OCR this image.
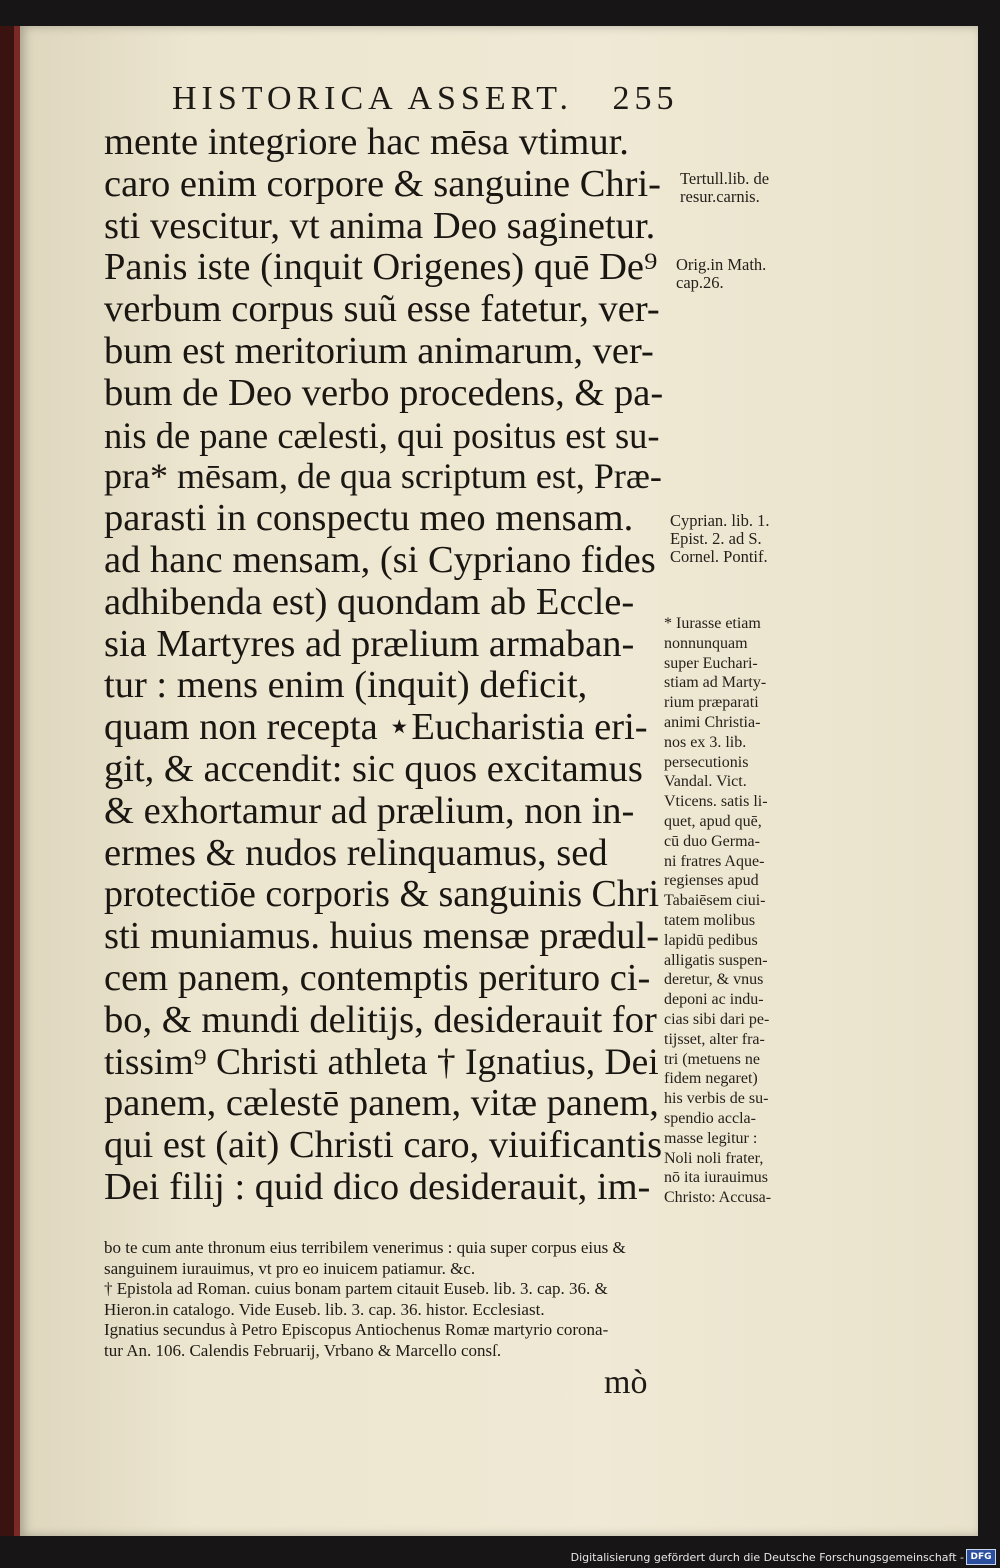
HISTORICA ASSERT. 255
mente integriore hac mēsa vtimur.
caro enim corpore & sanguine Chri-
sti vescitur, vt anima Deo saginetur.
Panis iste (inquit Origenes) quē De⁹
verbum corpus suũ esse fatetur, ver-
bum est meritorium animarum, ver-
bum de Deo verbo procedens, & pa-
nis de pane cælesti, qui positus est su-
pra* mēsam, de qua scriptum est, Præ-
parasti in conspectu meo mensam.
ad hanc mensam, (si Cypriano fides
adhibenda est) quondam ab Eccle-
sia Martyres ad prælium armaban-
tur : mens enim (inquit) deficit,
quam non recepta ⋆Eucharistia eri-
git, & accendit: sic quos excitamus
& exhortamur ad prælium, non in-
ermes & nudos relinquamus, sed
protectiōe corporis & sanguinis Chri
sti muniamus. huius mensæ prædul-
cem panem, contemptis perituro ci-
bo, & mundi delitijs, desiderauit for
tissim⁹ Christi athleta † Ignatius, Dei
panem, cælestē panem, vitæ panem,
qui est (ait) Christi caro, viuificantis
Dei filij : quid dico desiderauit, im-
Tertull.lib. de
resur.carnis.
Orig.in Math.
cap.26.
Cyprian. lib. 1.
Epist. 2. ad S.
Cornel. Pontif.
* Iurasse etiam
nonnunquam
super Euchari-
stiam ad Marty-
rium præparati
animi Christia-
nos ex 3. lib.
persecutionis
Vandal. Vict.
Vticens. satis li-
quet, apud quē,
cū duo Germa-
ni fratres Aque-
regienses apud
Tabaiēsem ciui-
tatem molibus
lapidū pedibus
alligatis suspen-
deretur, & vnus
deponi ac indu-
cias sibi dari pe-
tijsset, alter fra-
tri (metuens ne
fidem negaret)
his verbis de su-
spendio accla-
masse legitur :
Noli noli frater,
nō ita iurauimus
Christo: Accusa-
bo te cum ante thronum eius terribilem venerimus : quia super corpus eius &
sanguinem iurauimus, vt pro eo inuicem patiamur. &c.
† Epistola ad Roman. cuius bonam partem citauit Euseb. lib. 3. cap. 36. &
Hieron.in catalogo. Vide Euseb. lib. 3. cap. 36. histor. Ecclesiast.
Ignatius secundus à Petro Episcopus Antiochenus Romæ martyrio corona-
tur An. 106. Calendis Februarij, Vrbano & Marcello consſ.
mò
Digitalisierung gefördert durch die Deutsche Forschungsgemeinschaft - DFG
